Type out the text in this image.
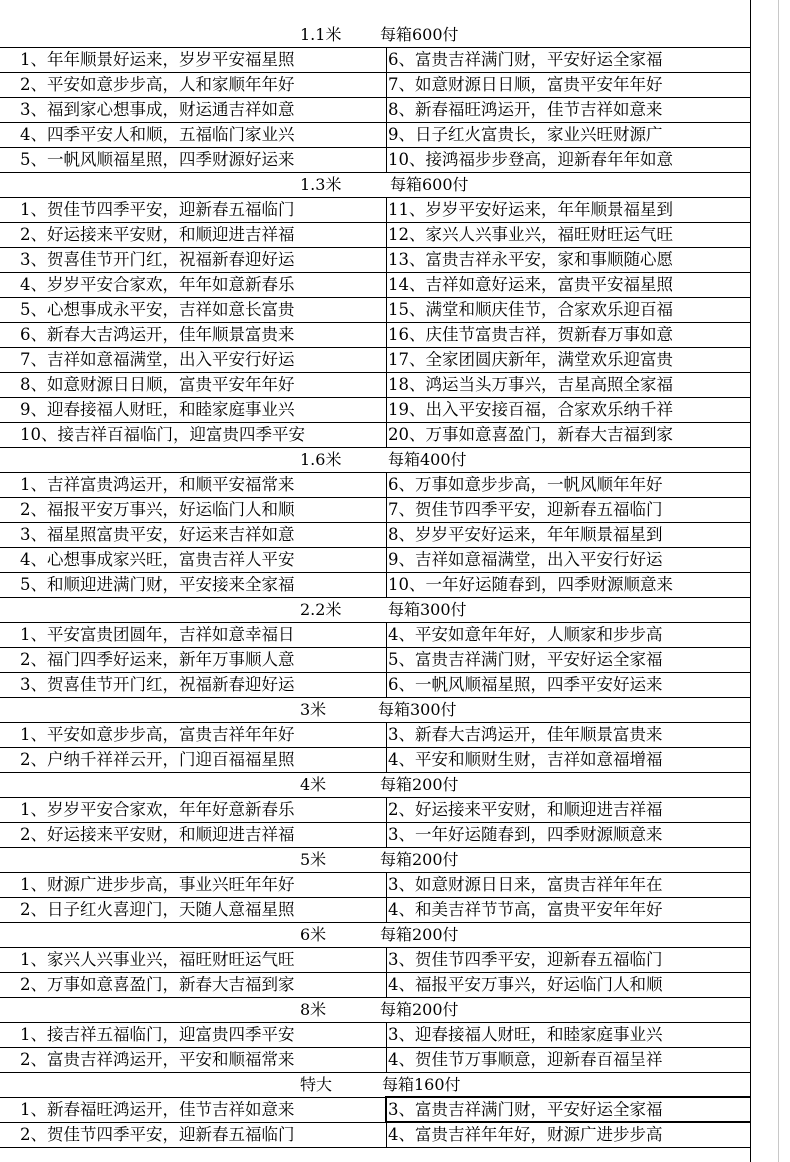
1.1米 每箱600付
1、年年顺景好运来，岁岁平安福星照	6、富贵吉祥满门财，平安好运全家福
2、平安如意步步高，人和家顺年年好	7、如意财源日日顺，富贵平安年年好
3、福到家心想事成，财运通吉祥如意	8、新春福旺鸿运开，佳节吉祥如意来
4、四季平安人和顺，五福临门家业兴	9、日子红火富贵长，家业兴旺财源广
5、一帆风顺福星照，四季财源好运来	10、接鸿福步步登高，迎新春年年如意
1.3米	每箱600付
1、贺佳节四季平安，迎新春五福临门	11、岁岁平安好运来，年年顺景福星到
2、好运接来平安财，和顺迎进吉祥福	12、家兴人兴事业兴，福旺财旺运气旺
3、贺喜佳节开门红，祝福新春迎好运	13、富贵吉祥永平安，家和事顺随心愿
4、岁岁平安合家欢，年年如意新春乐	14、吉祥如意好运来，富贵平安福星照
5、心想事成永平安，吉祥如意长富贵	15、满堂和顺庆佳节，合家欢乐迎百福
6、新春大吉鸿运开，佳年顺景富贵来	16、庆佳节富贵吉祥，贺新春万事如意
7、吉祥如意福满堂，出入平安行好运	17、全家团圆庆新年，满堂欢乐迎富贵
8、如意财源日日顺，富贵平安年年好	18、鸿运当头万事兴，吉星高照全家福
9、迎春接福人财旺，和睦家庭事业兴	19、出入平安接百福，合家欢乐纳千祥
10、接吉祥百福临门，迎富贵四季平安	20、万事如意喜盈门，新春大吉福到家
1.6米	每箱400付
1、吉祥富贵鸿运开，和顺平安福常来	6、万事如意步步高，一帆风顺年年好
2、福报平安万事兴，好运临门人和顺	7、贺佳节四季平安，迎新春五福临门
3、福星照富贵平安，好运来吉祥如意	8、岁岁平安好运来，年年顺景福星到
4、心想事成家兴旺，富贵吉祥人平安	9、吉祥如意福满堂，出入平安行好运
5、和顺迎进满门财，平安接来全家福	10、一年好运随春到，四季财源顺意来
2.2米	每箱300付
1、平安富贵团圆年，吉祥如意幸福日	4、平安如意年年好，人顺家和步步高
2、福门四季好运来，新年万事顺人意	5、富贵吉祥满门财，平安好运全家福
3、贺喜佳节开门红，祝福新春迎好运	6、一帆风顺福星照，四季平安好运来
3米	每箱300付
1、平安如意步步高，富贵吉祥年年好	3、新春大吉鸿运开，佳年顺景富贵来
2、户纳千祥祥云开，门迎百福福星照	4、平安和顺财生财，吉祥如意福增福
4米	每箱200付
1、岁岁平安合家欢，年年好意新春乐	2、好运接来平安财，和顺迎进吉祥福
2、好运接来平安财，和顺迎进吉祥福	3、一年好运随春到，四季财源顺意来
5米	每箱200付
1、财源广进步步高，事业兴旺年年好	3、如意财源日日来，富贵吉祥年年在
2、日子红火喜迎门，天随人意福星照	4、和美吉祥节节高，富贵平安年年好
6米	每箱200付
1、家兴人兴事业兴，福旺财旺运气旺	3、贺佳节四季平安，迎新春五福临门
2、万事如意喜盈门，新春大吉福到家	4、福报平安万事兴，好运临门人和顺
8米	每箱200付
1、接吉祥五福临门，迎富贵四季平安	3、迎春接福人财旺，和睦家庭事业兴
2、富贵吉祥鸿运开，平安和顺福常来	4、贺佳节万事顺意，迎新春百福呈祥
特大	每箱160付
1、新春福旺鸿运开，佳节吉祥如意来	3、富贵吉祥满门财，平安好运全家福
2、贺佳节四季平安，迎新春五福临门	4、富贵吉祥年年好，财源广进步步高
